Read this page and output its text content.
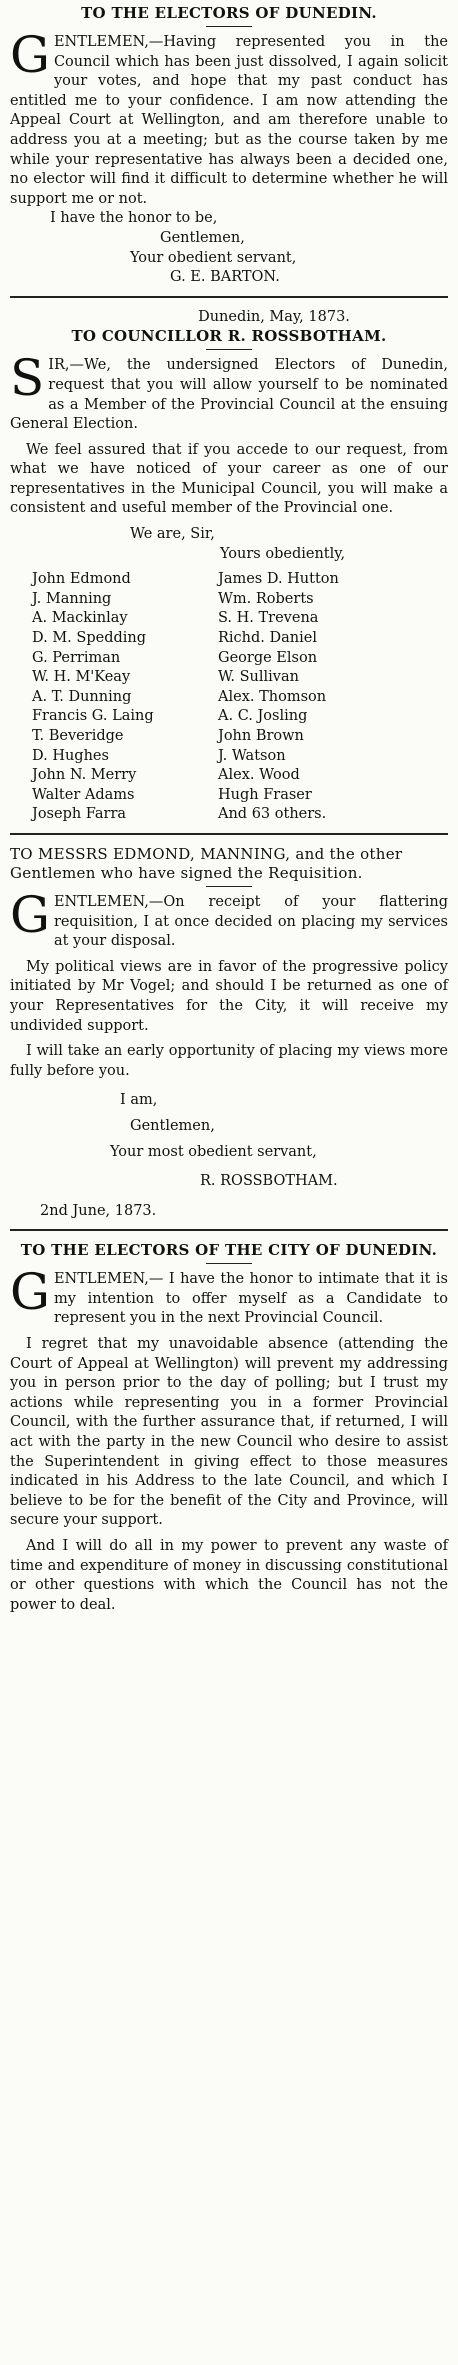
TO THE ELECTORS OF DUNEDIN.

GENTLEMEN,—Having represented you in the Council which has been just dissolved, I again solicit your votes, and hope that my past conduct has entitled me to your confidence. I am now attending the Appeal Court at Wellington, and am therefore unable to address you at a meeting; but as the course taken by me while your representative has always been a decided one, no elector will find it difficult to determine whether he will support me or not.

I have the honor to be,
Gentlemen,
Your obedient servant,
G. E. BARTON.
Dunedin, May, 1873.
TO COUNCILLOR R. ROSSBOTHAM.

SIR,—We, the undersigned Electors of Dunedin, request that you will allow yourself to be nominated as a Member of the Provincial Council at the ensuing General Election.

We feel assured that if you accede to our request, from what we have noticed of your career as one of our representatives in the Municipal Council, you will make a consistent and useful member of the Provincial one.

We are, Sir,
Yours obediently,
John Edmond	James D. Hutton
J. Manning	Wm. Roberts
A. Mackinlay	S. H. Trevena
D. M. Spedding	Richd. Daniel
G. Perriman	George Elson
W. H. M'Keay	W. Sullivan
A. T. Dunning	Alex. Thomson
Francis G. Laing	A. C. Josling
T. Beveridge	John Brown
D. Hughes	J. Watson
John N. Merry	Alex. Wood
Walter Adams	Hugh Fraser
Joseph Farra	And 63 others.

TO MESSRS EDMOND, MANNING, and the other Gentlemen who have signed the Requisition.

GENTLEMEN,—On receipt of your flattering requisition, I at once decided on placing my services at your disposal.

My political views are in favor of the progressive policy initiated by Mr Vogel; and should I be returned as one of your Representatives for the City, it will receive my undivided support.

I will take an early opportunity of placing my views more fully before you.

I am,
Gentlemen,
Your most obedient servant,
R. ROSSBOTHAM.
2nd June, 1873.
TO THE ELECTORS OF THE CITY OF DUNEDIN.

GENTLEMEN,— I have the honor to intimate that it is my intention to offer myself as a Candidate to represent you in the next Provincial Council.

I regret that my unavoidable absence (attending the Court of Appeal at Wellington) will prevent my addressing you in person prior to the day of polling; but I trust my actions while representing you in a former Provincial Council, with the further assurance that, if returned, I will act with the party in the new Council who desire to assist the Superintendent in giving effect to those measures indicated in his Address to the late Council, and which I believe to be for the benefit of the City and Province, will secure your support.

And I will do all in my power to prevent any waste of time and expenditure of money in discussing constitutional or other questions with which the Council has not the power to deal.
